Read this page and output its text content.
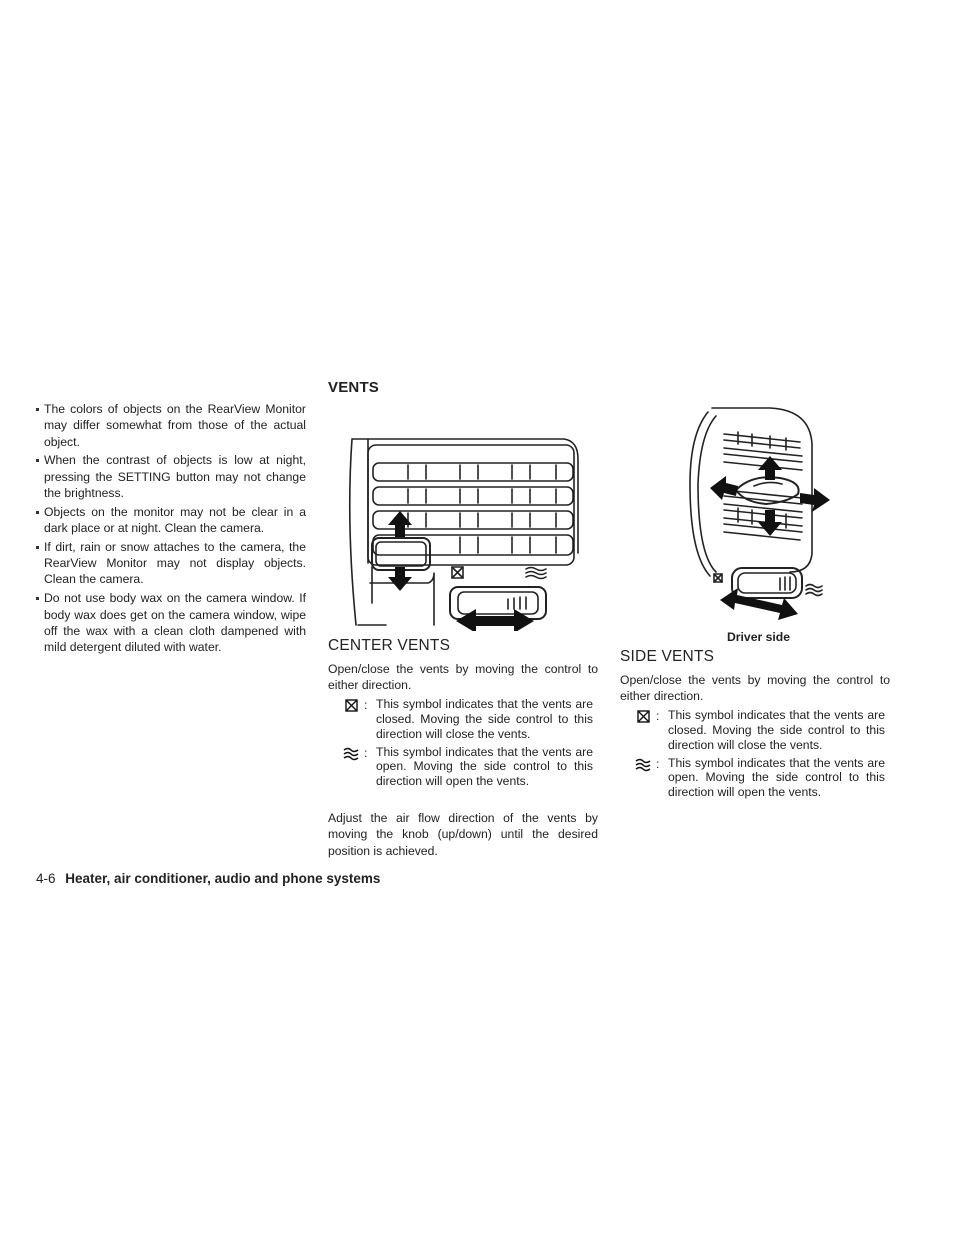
The colors of objects on the RearView Monitor may differ somewhat from those of the actual object.
When the contrast of objects is low at night, pressing the SETTING button may not change the brightness.
Objects on the monitor may not be clear in a dark place or at night. Clean the camera.
If dirt, rain or snow attaches to the camera, the RearView Monitor may not display objects. Clean the camera.
Do not use body wax on the camera window. If body wax does get on the camera window, wipe off the wax with a clean cloth dampened with mild detergent diluted with water.
VENTS
CENTER VENTS

Open/close the vents by moving the control to either direction.

: This symbol indicates that the vents are closed. Moving the side control to this direction will close the vents.
: This symbol indicates that the vents are open. Moving the side control to this direction will open the vents.

Adjust the air flow direction of the vents by moving the knob (up/down) until the desired position is achieved.

Driver side
SIDE VENTS

Open/close the vents by moving the control to either direction.

: This symbol indicates that the vents are closed. Moving the side control to this direction will close the vents.
: This symbol indicates that the vents are open. Moving the side control to this direction will open the vents.
4-6 Heater, air conditioner, audio and phone systems
